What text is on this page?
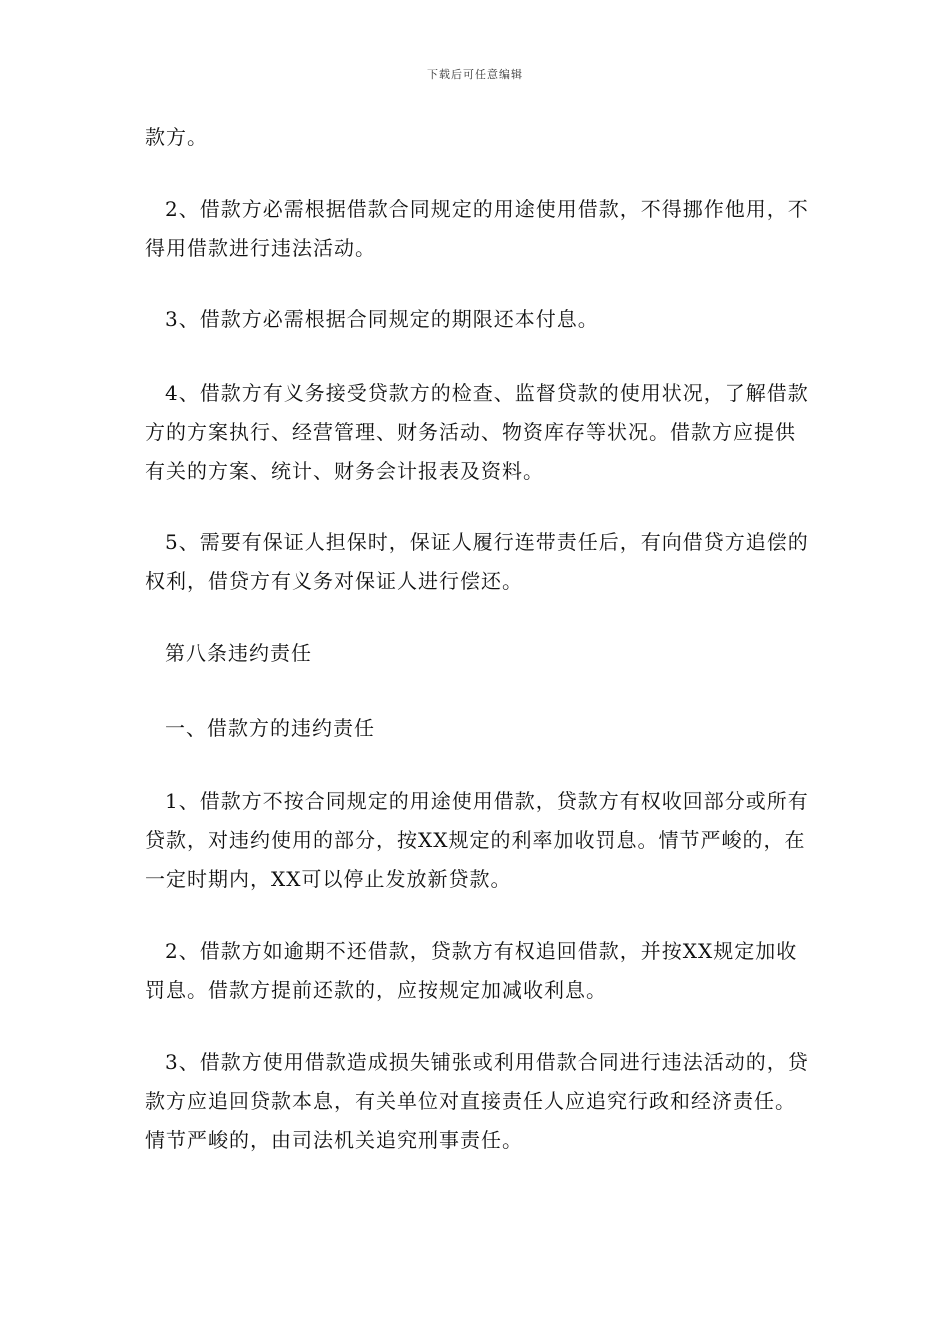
下载后可任意编辑

款方。

2、借款方必需根据借款合同规定的用途使用借款，不得挪作他用，不得用借款进行违法活动。

3、借款方必需根据合同规定的期限还本付息。

4、借款方有义务接受贷款方的检查、监督贷款的使用状况，了解借款方的方案执行、经营管理、财务活动、物资库存等状况。借款方应提供有关的方案、统计、财务会计报表及资料。

5、需要有保证人担保时，保证人履行连带责任后，有向借贷方追偿的权利，借贷方有义务对保证人进行偿还。

第八条违约责任

一、借款方的违约责任

1、借款方不按合同规定的用途使用借款，贷款方有权收回部分或所有贷款，对违约使用的部分，按XX规定的利率加收罚息。情节严峻的，在一定时期内，XX可以停止发放新贷款。

2、借款方如逾期不还借款，贷款方有权追回借款，并按XX规定加收罚息。借款方提前还款的，应按规定加减收利息。

3、借款方使用借款造成损失铺张或利用借款合同进行违法活动的，贷款方应追回贷款本息，有关单位对直接责任人应追究行政和经济责任。情节严峻的，由司法机关追究刑事责任。
